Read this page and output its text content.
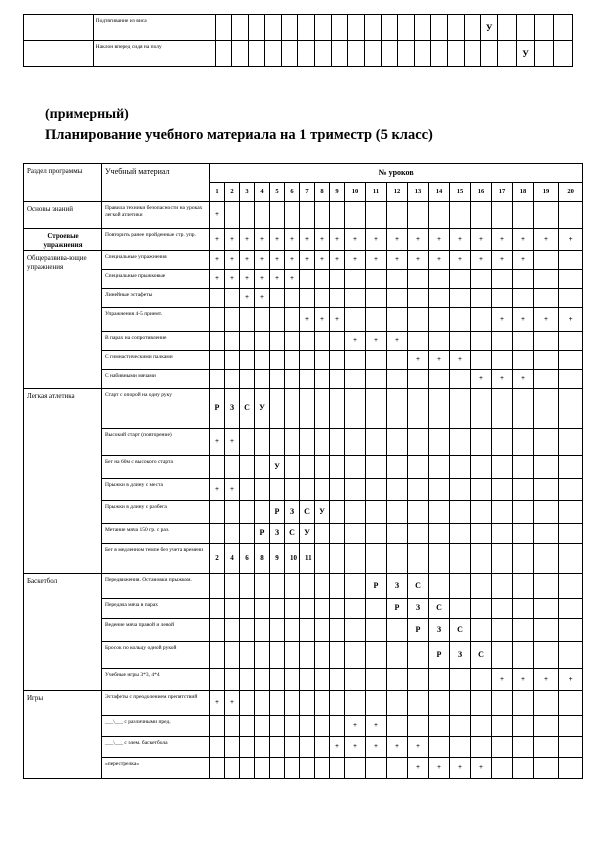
	Подтягивание из виса																	У				
	Наклон вперед сидя на полу																			У		
(примерный)
Планирование учебного материала на 1 триместр (5 класс)
Раздел программы	Учебный материал	№ уроков																			
		1	2	3	4	5	6	7	8	9	10	11	12	13	14	15	16	17	18	19	20
Основы знаний	Правила техники безопасности на уроках легкой атлетики	+																			
Строевые упражнения	Повторить ранее пройденные стр. упр.	+	+	+	+	+	+	+	+	+	+	+	+	+	+	+	+	+	+	+	+
Общеразвива-ющие упражнения	Специальные упражнения	+	+	+	+	+	+	+	+	+	+	+	+	+	+	+	+	+	+		
	Специальные прыжковые	+	+	+	+	+	+														
	Линейные эстафеты			+	+																
	Упражнения 4-5 приемт.							+	+	+								+	+	+	+
	В парах на сопротивление										+	+	+								
	С гимнастическими палками													+	+	+					
	С набивными мячами																+	+	+		
Легкая атлетика	Старт с опорой на одну руку	Р	З	С	У																
	Высокий старт (повторение)	+	+																		
	Бег на 60м с высокого старта					У															
	Прыжки в длину с места	+	+																		
	Прыжки в длину с разбега					Р	З	С	У												
	Метание мяча 150 гр. с раз.				Р	З	С	У													
	Бег в медленном темпе без учета времени	2	4	6	8	9	10	11													
Баскетбол	Передвижения. Остановки прыжком.											Р	З	С							
	Передача мяча в парах												Р	З	С						
	Ведение мяча правой и левой													Р	З	С					
	Бросок по кольцу одной рукой														Р	З	С				
	Учебные игры 3*3, 4*4																	+	+	+	+
Игры	Эстафеты с преодолением препятствий	+	+																		
	___\___ с различными пред.										+	+									
	___\___ с элем. баскетбола									+	+	+	+	+							
	«перестрелка»													+	+	+	+				
